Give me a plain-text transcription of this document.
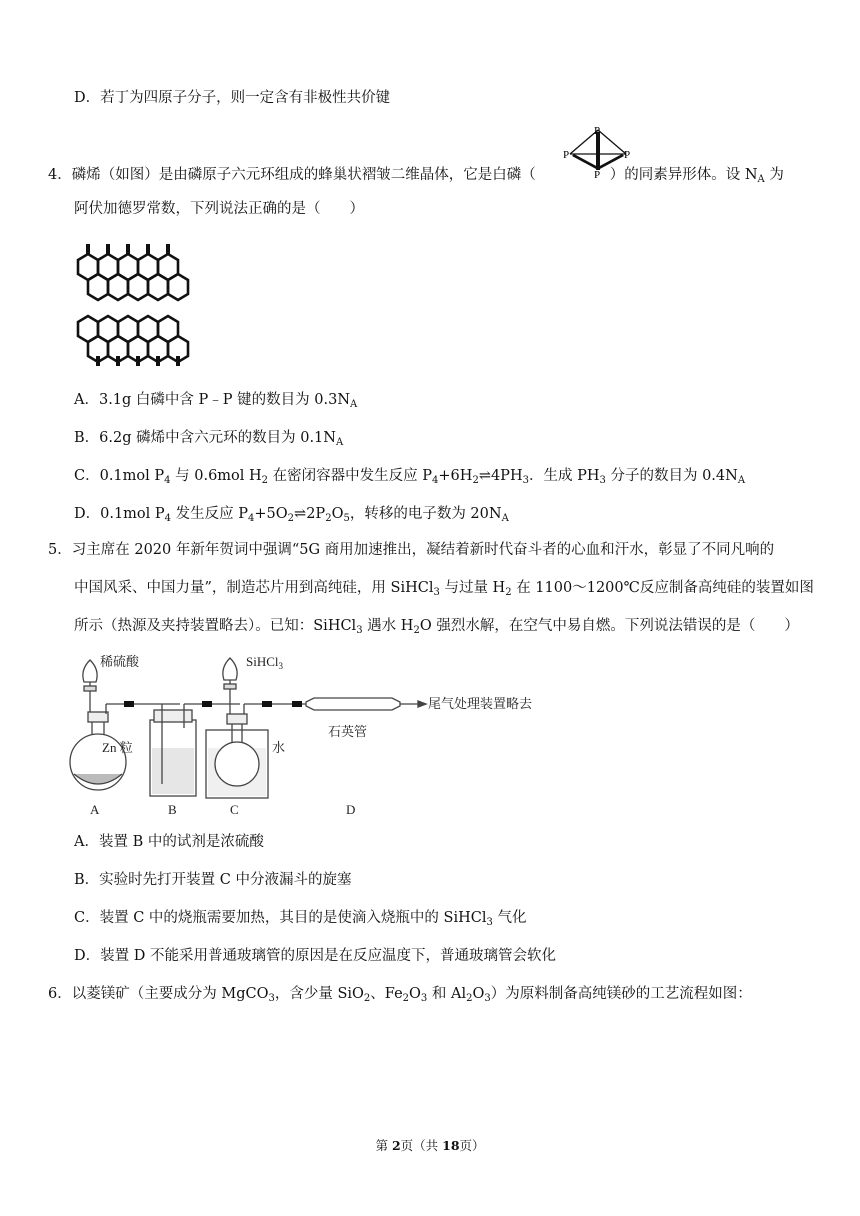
D．若丁为四原子分子，则一定含有非极性共价键
4．磷烯（如图）是由磷原子六元环组成的蜂巢状褶皱二维晶体，它是白磷（	）的同素异形体。设 $N_A$ 为
P
P	P
P
阿伏加德罗常数，下列说法正确的是（　　）
A．3.1g 白磷中含 P﹣P 键的数目为 $0.3N_A$
B．6.2g 磷烯中含六元环的数目为 $0.1N_A$
C．0.1mol $P_4$ 与 0.6mol $H_2$ 在密闭容器中发生反应 $P_4+6H_2\rightleftharpoons 4PH_3$．生成 $PH_3$ 分子的数目为 $0.4N_A$
D．0.1mol $P_4$ 发生反应 $P_4+5O_2\rightleftharpoons 2P_2O_5$，转移的电子数为 $20N_A$
5．习主席在 2020 年新年贺词中强调“5G 商用加速推出，凝结着新时代奋斗者的心血和汗水，彰显了不同凡响的
中国风采、中国力量”，制造芯片用到高纯硅，用 SiHCl$_3$ 与过量 $H_2$ 在 1100～1200℃反应制备高纯硅的装置如图
所示（热源及夹持装置略去）。已知：SiHCl$_3$ 遇水 $H_2O$ 强烈水解，在空气中易自燃。下列说法错误的是（　　）
稀硫酸	SiHCl$_3$
Zn 粒	水
石英管
尾气处理装置略去
A	B	C	D
A．装置 B 中的试剂是浓硫酸
B．实验时先打开装置 C 中分液漏斗的旋塞
C．装置 C 中的烧瓶需要加热，其目的是使滴入烧瓶中的 SiHCl$_3$ 气化
D．装置 D 不能采用普通玻璃管的原因是在反应温度下，普通玻璃管会软化
6．以菱镁矿（主要成分为 MgCO$_3$，含少量 SiO$_2$、$Fe_2O_3$ 和 $Al_2O_3$）为原料制备高纯镁砂的工艺流程如图：
第 2页（共 18页）
